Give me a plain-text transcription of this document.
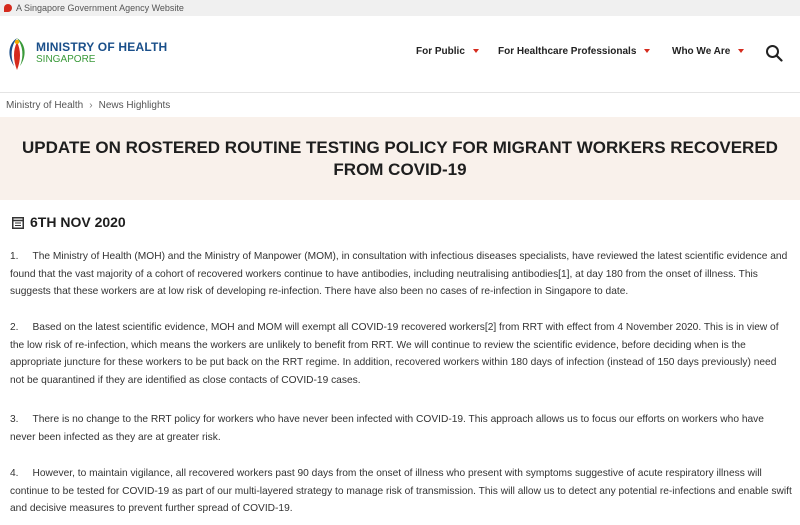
A Singapore Government Agency Website
MINISTRY OF HEALTH
SINGAPORE
For Public	For Healthcare Professionals	Who We Are
Ministry of Health › News Highlights
UPDATE ON ROSTERED ROUTINE TESTING POLICY FOR MIGRANT WORKERS RECOVERED FROM COVID-19
6TH NOV 2020

1. The Ministry of Health (MOH) and the Ministry of Manpower (MOM), in consultation with infectious diseases specialists, have reviewed the latest scientific evidence and found that the vast majority of a cohort of recovered workers continue to have antibodies, including neutralising antibodies[1], at day 180 from the onset of illness. This suggests that these workers are at low risk of developing re-infection. There have also been no cases of re-infection in Singapore to date.

2. Based on the latest scientific evidence, MOH and MOM will exempt all COVID-19 recovered workers[2] from RRT with effect from 4 November 2020. This is in view of the low risk of re-infection, which means the workers are unlikely to benefit from RRT. We will continue to review the scientific evidence, before deciding when is the appropriate juncture for these workers to be put back on the RRT regime. In addition, recovered workers within 180 days of infection (instead of 150 days previously) need not be quarantined if they are identified as close contacts of COVID-19 cases.

3. There is no change to the RRT policy for workers who have never been infected with COVID-19. This approach allows us to focus our efforts on workers who have never been infected as they are at greater risk.

4. However, to maintain vigilance, all recovered workers past 90 days from the onset of illness who present with symptoms suggestive of acute respiratory illness will continue to be tested for COVID-19 as part of our multi-layered strategy to manage risk of transmission. This will allow us to detect any potential re-infections and enable swift and decisive measures to prevent further spread of COVID-19.
